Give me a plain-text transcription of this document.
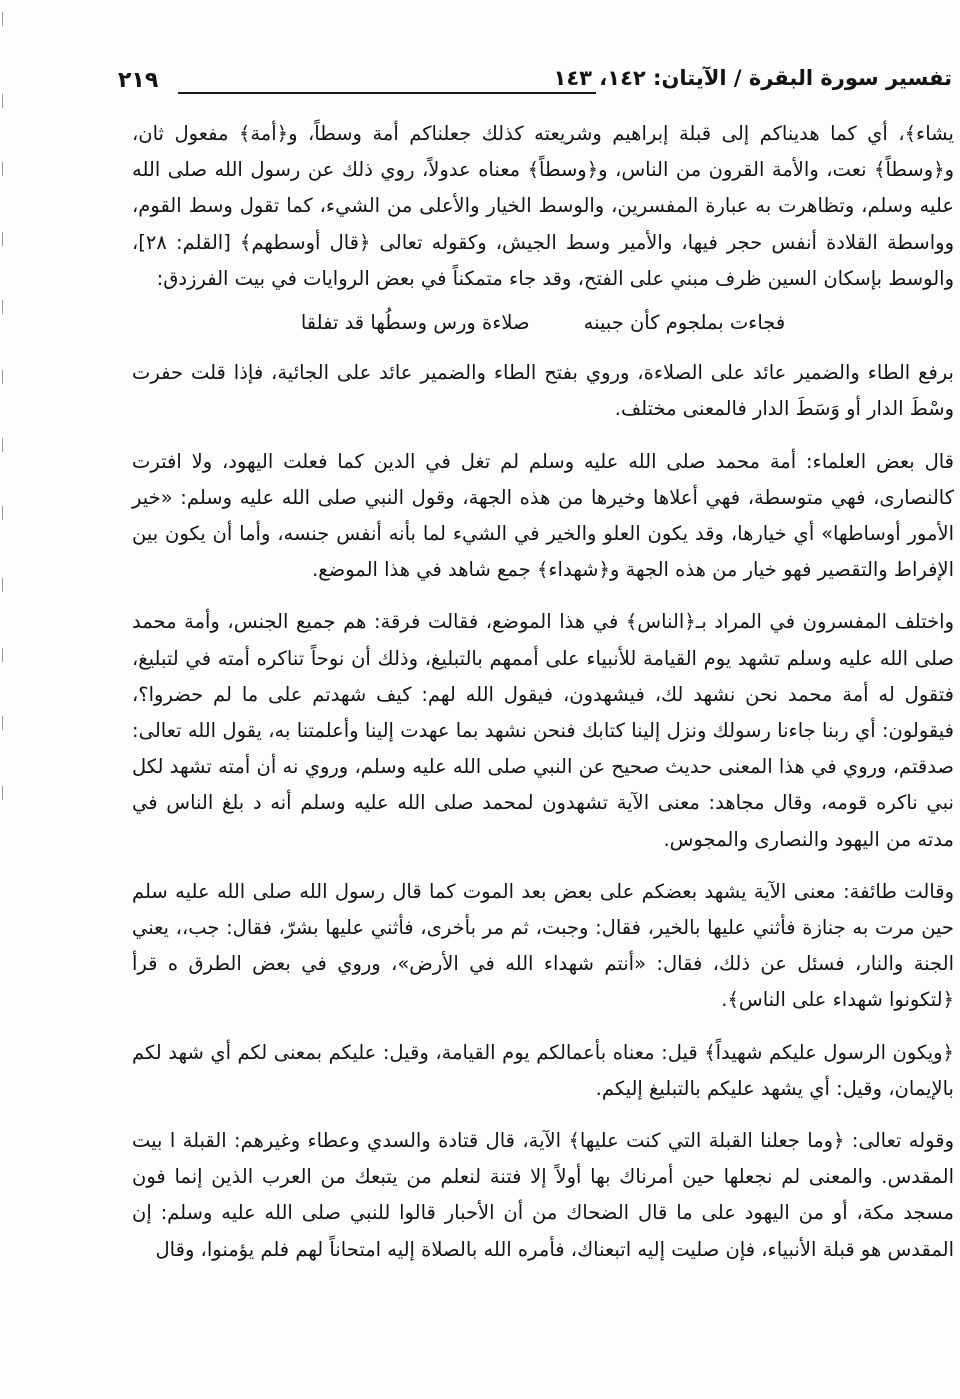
تفسير سورة البقرة / الآيتان: ١٤٢، ١٤٣
٢١٩

يشاء﴾، أي كما هديناكم إلى قبلة إبراهيم وشريعته كذلك جعلناكم أمة وسطاً، و﴿أمة﴾ مفعول ثان، و﴿وسطاً﴾ نعت، والأمة القرون من الناس، و﴿وسطاً﴾ معناه عدولاً، روي ذلك عن رسول الله صلى الله عليه وسلم، وتظاهرت به عبارة المفسرين، والوسط الخيار والأعلى من الشيء، كما تقول وسط القوم، وواسطة القلادة أنفس حجر فيها، والأمير وسط الجيش، وكقوله تعالى ﴿قال أوسطهم﴾ [القلم: ٢٨]، والوسط بإسكان السين ظرف مبني على الفتح، وقد جاء متمكناً في بعض الروايات في بيت الفرزدق:

فجاءت بملجوم كأن جبينه
صلاءة ورس وسطُها قد تفلقا

برفع الطاء والضمير عائد على الصلاءة، وروي بفتح الطاء والضمير عائد على الجائية، فإذا قلت حفرت وسْطَ الدار أو وَسَطَ الدار فالمعنى مختلف.

قال بعض العلماء: أمة محمد صلى الله عليه وسلم لم تغل في الدين كما فعلت اليهود، ولا افترت كالنصارى، فهي متوسطة، فهي أعلاها وخيرها من هذه الجهة، وقول النبي صلى الله عليه وسلم: «خير الأمور أوساطها» أي خيارها، وقد يكون العلو والخير في الشيء لما بأنه أنفس جنسه، وأما أن يكون بين الإفراط والتقصير فهو خيار من هذه الجهة و﴿شهداء﴾ جمع شاهد في هذا الموضع.

واختلف المفسرون في المراد بـ﴿الناس﴾ في هذا الموضع، فقالت فرقة: هم جميع الجنس، وأمة محمد صلى الله عليه وسلم تشهد يوم القيامة للأنبياء على أممهم بالتبليغ، وذلك أن نوحاً تناكره أمته في لتبليغ، فتقول له أمة محمد نحن نشهد لك، فيشهدون، فيقول الله لهم: كيف شهدتم على ما لم حضروا؟، فيقولون: أي ربنا جاءنا رسولك ونزل إلينا كتابك فنحن نشهد بما عهدت إلينا وأعلمتنا به، يقول الله تعالى: صدقتم، وروي في هذا المعنى حديث صحيح عن النبي صلى الله عليه وسلم، وروي نه أن أمته تشهد لكل نبي ناكره قومه، وقال مجاهد: معنى الآية تشهدون لمحمد صلى الله عليه وسلم أنه د بلغ الناس في مدته من اليهود والنصارى والمجوس.

وقالت طائفة: معنى الآية يشهد بعضكم على بعض بعد الموت كما قال رسول الله صلى الله عليه سلم حين مرت به جنازة فأثني عليها بالخير، فقال: وجبت، ثم مر بأخرى، فأثني عليها بشرّ، فقال: جب،، يعني الجنة والنار، فسئل عن ذلك، فقال: «أنتم شهداء الله في الأرض»، وروي في بعض الطرق ه قرأ ﴿لتكونوا شهداء على الناس﴾.

﴿ويكون الرسول عليكم شهيداً﴾ قيل: معناه بأعمالكم يوم القيامة، وقيل: عليكم بمعنى لكم أي شهد لكم بالإيمان، وقيل: أي يشهد عليكم بالتبليغ إليكم.

وقوله تعالى: ﴿وما جعلنا القبلة التي كنت عليها﴾ الآية، قال قتادة والسدي وعطاء وغيرهم: القبلة ا بيت المقدس. والمعنى لم نجعلها حين أمرناك بها أولاً إلا فتنة لنعلم من يتبعك من العرب الذين إنما فون مسجد مكة، أو من اليهود على ما قال الضحاك من أن الأحبار قالوا للنبي صلى الله عليه وسلم: إن المقدس هو قبلة الأنبياء، فإن صليت إليه اتبعناك، فأمره الله بالصلاة إليه امتحاناً لهم فلم يؤمنوا، وقال
